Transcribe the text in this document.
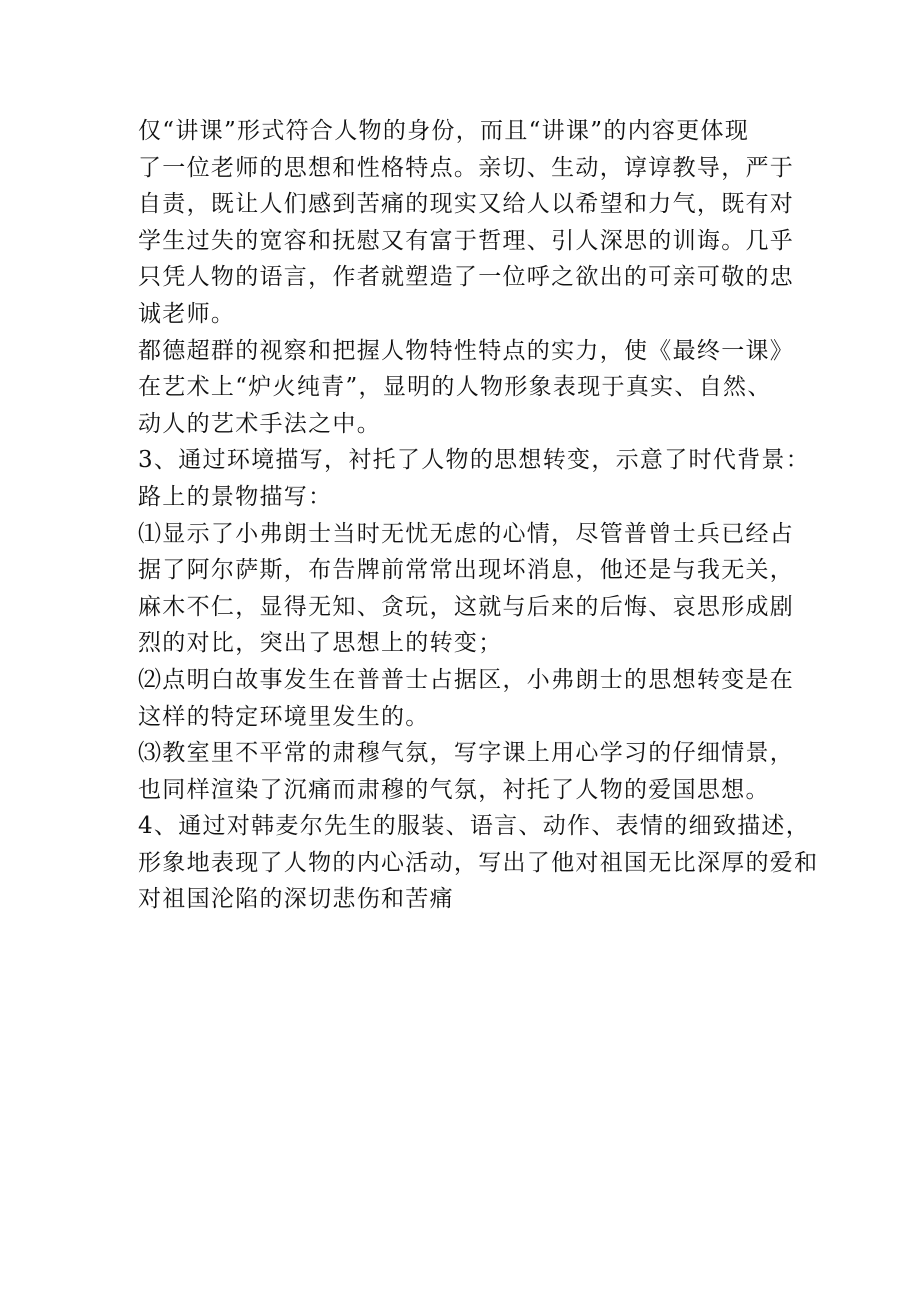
仅“讲课”形式符合人物的身份，而且“讲课”的内容更体现
了一位老师的思想和性格特点。亲切、生动，谆谆教导，严于
自责，既让人们感到苦痛的现实又给人以希望和力气，既有对
学生过失的宽容和抚慰又有富于哲理、引人深思的训诲。几乎
只凭人物的语言，作者就塑造了一位呼之欲出的可亲可敬的忠
诚老师。
都德超群的视察和把握人物特性特点的实力，使《最终一课》
在艺术上“炉火纯青”，显明的人物形象表现于真实、自然、
动人的艺术手法之中。
3、通过环境描写，衬托了人物的思想转变，示意了时代背景：
路上的景物描写：
⑴显示了小弗朗士当时无忧无虑的心情，尽管普曾士兵已经占
据了阿尔萨斯，布告牌前常常出现坏消息，他还是与我无关，
麻木不仁，显得无知、贪玩，这就与后来的后悔、哀思形成剧
烈的对比，突出了思想上的转变；
⑵点明白故事发生在普普士占据区，小弗朗士的思想转变是在
这样的特定环境里发生的。
⑶教室里不平常的肃穆气氛，写字课上用心学习的仔细情景，
也同样渲染了沉痛而肃穆的气氛，衬托了人物的爱国思想。
4、通过对韩麦尔先生的服装、语言、动作、表情的细致描述，
形象地表现了人物的内心活动，写出了他对祖国无比深厚的爱和
对祖国沦陷的深切悲伤和苦痛
